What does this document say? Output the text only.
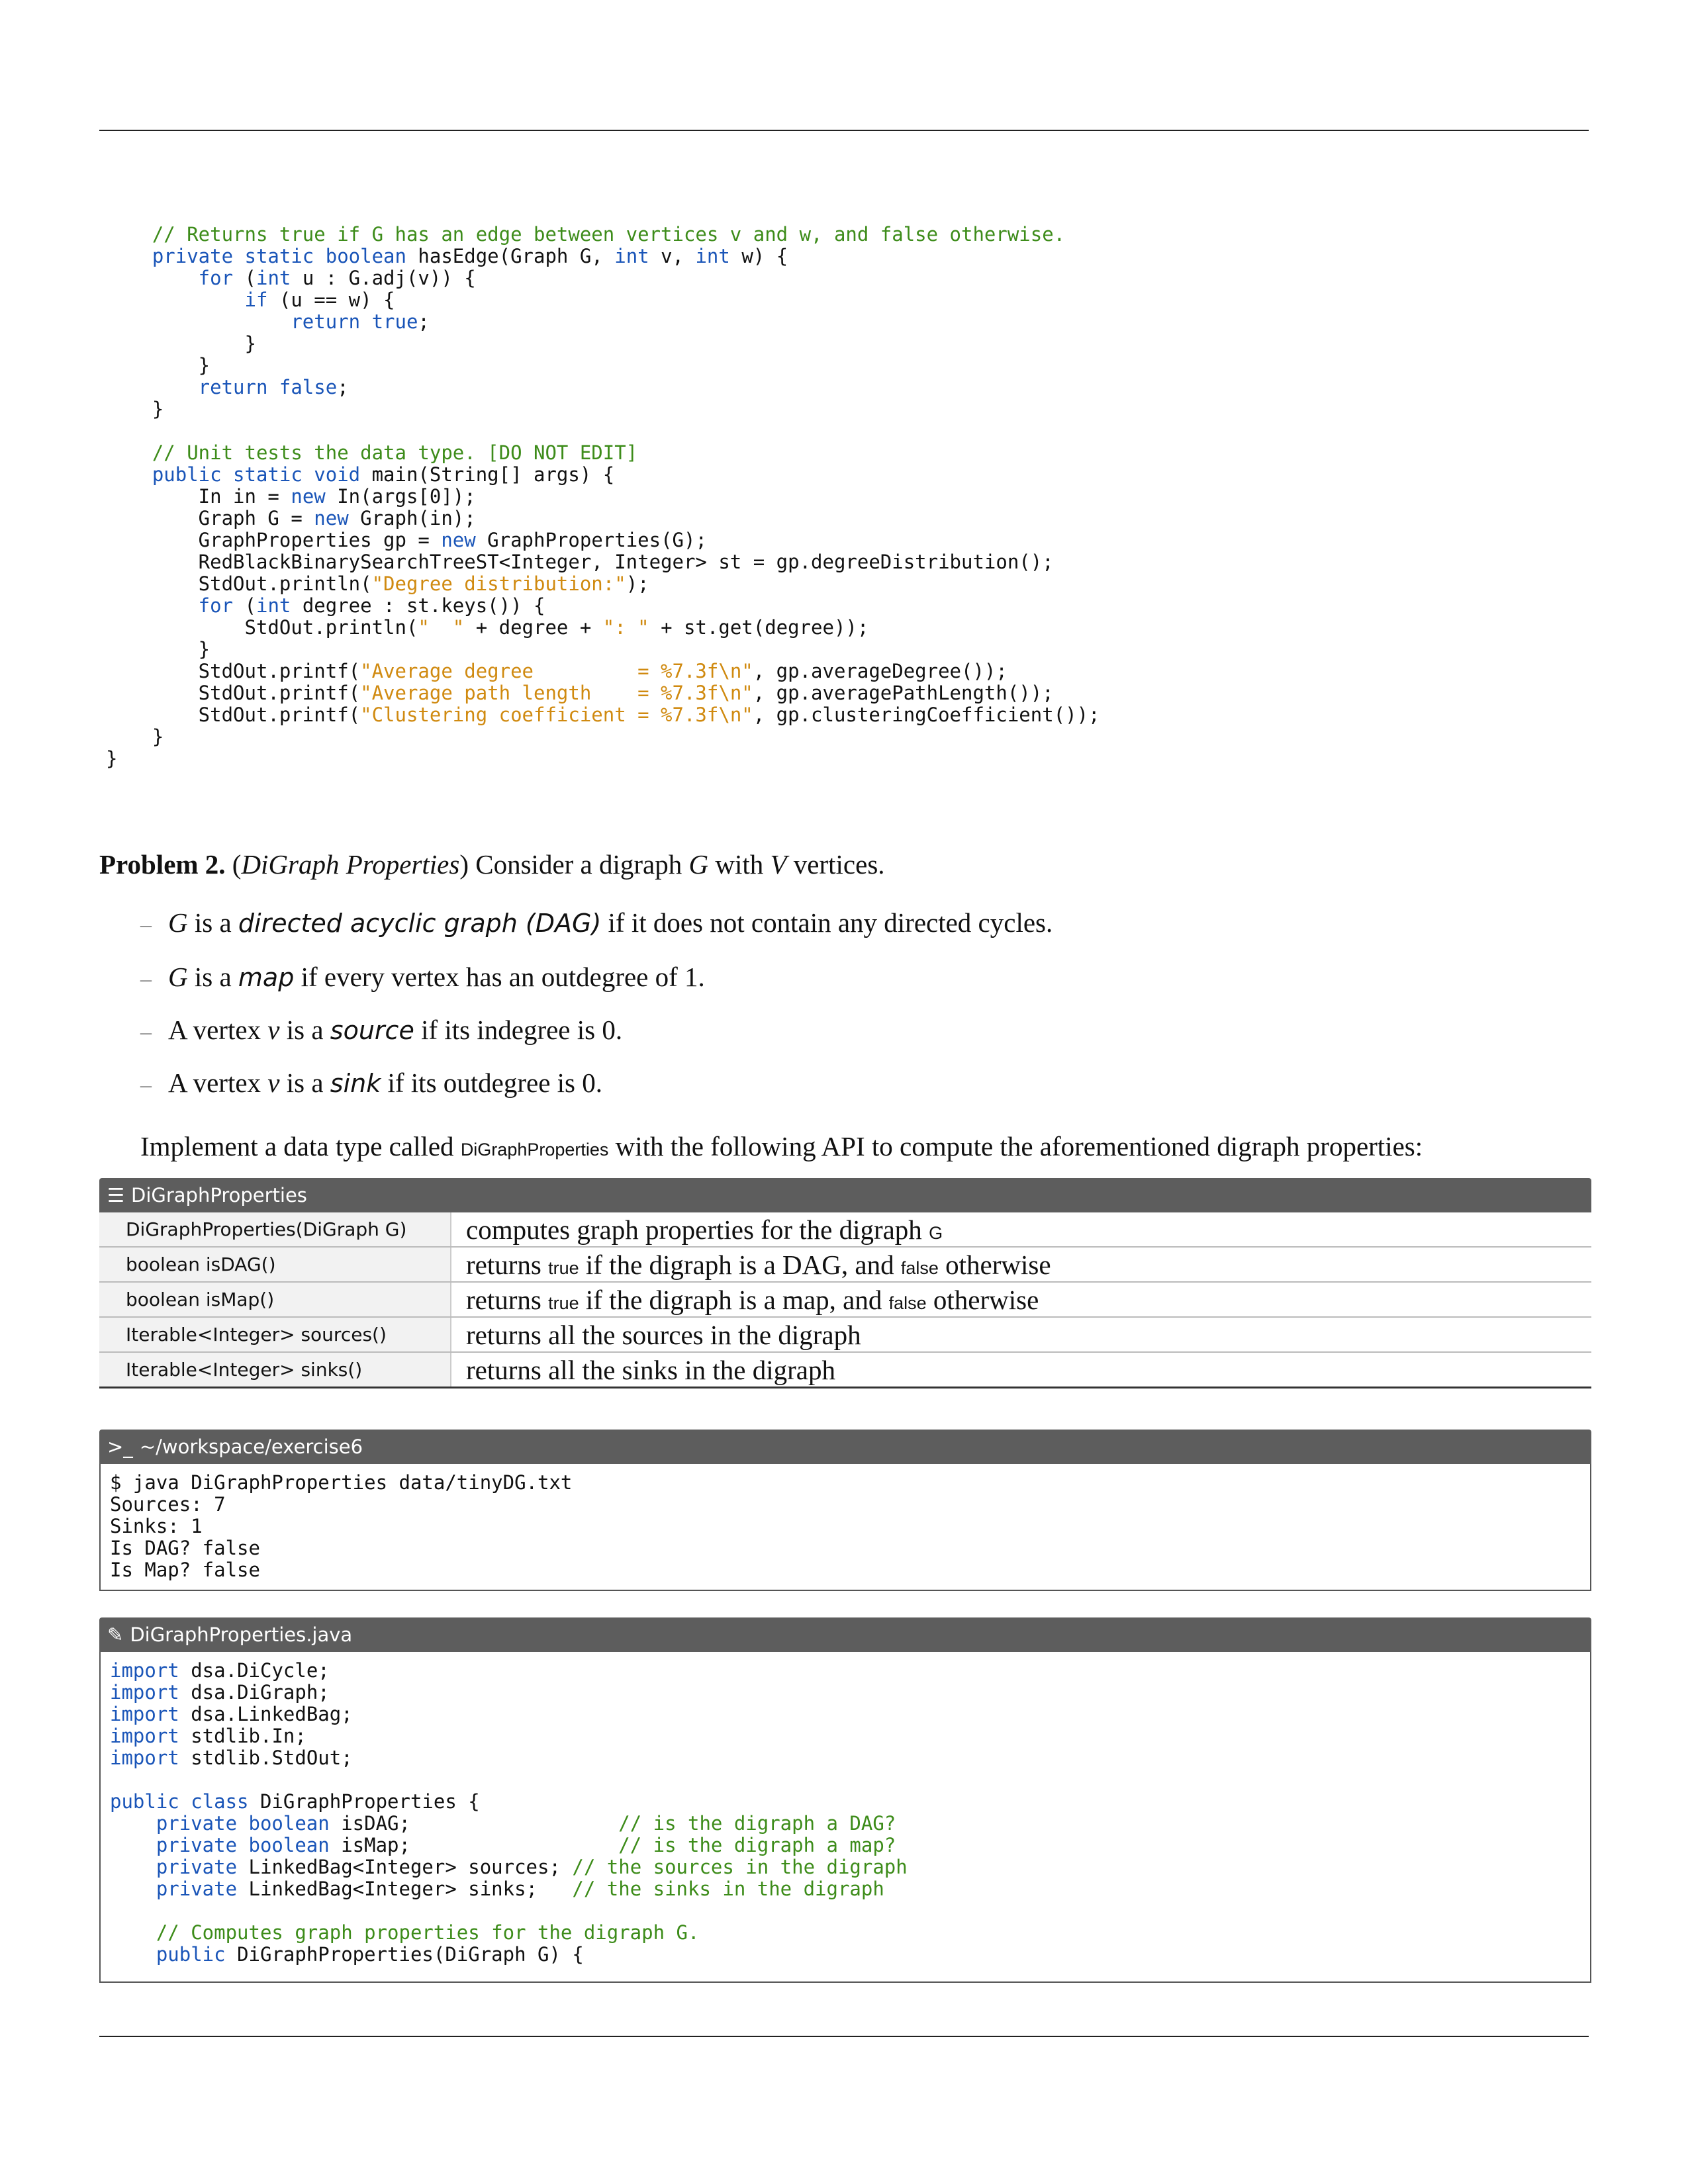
// Returns true if G has an edge between vertices v and w, and false otherwise.
private static boolean hasEdge(Graph G, int v, int w) {
for (int u : G.adj(v)) {
if (u == w) {
return true;
}
}
return false;
}

// Unit tests the data type. [DO NOT EDIT]
public static void main(String[] args) {
In in = new In(args[0]);
Graph G = new Graph(in);
GraphProperties gp = new GraphProperties(G);
RedBlackBinarySearchTreeST<Integer, Integer> st = gp.degreeDistribution();
StdOut.println("Degree distribution:");
for (int degree : st.keys()) {
StdOut.println("  " + degree + ": " + st.get(degree));
}
StdOut.printf("Average degree         = %7.3f\n", gp.averageDegree());
StdOut.printf("Average path length    = %7.3f\n", gp.averagePathLength());
StdOut.printf("Clustering coefficient = %7.3f\n", gp.clusteringCoefficient());
}
}

Problem 2. (DiGraph Properties) Consider a digraph G with V vertices.
– G is a directed acyclic graph (DAG) if it does not contain any directed cycles.
– G is a map if every vertex has an outdegree of 1.
– A vertex v is a source if its indegree is 0.
– A vertex v is a sink if its outdegree is 0.
Implement a data type called DiGraphProperties with the following API to compute the aforementioned digraph properties:
☰ DiGraphProperties
DiGraphProperties(DiGraph G)	computes graph properties for the digraph G
boolean isDAG()	returns true if the digraph is a DAG, and false otherwise
boolean isMap()	returns true if the digraph is a map, and false otherwise
Iterable<Integer> sources()	returns all the sources in the digraph
Iterable<Integer> sinks()	returns all the sinks in the digraph
>_ ~/workspace/exercise6
$ java DiGraphProperties data/tinyDG.txt
Sources: 7
Sinks: 1
Is DAG? false
Is Map? false

✎ DiGraphProperties.java
import dsa.DiCycle;
import dsa.DiGraph;
import dsa.LinkedBag;
import stdlib.In;
import stdlib.StdOut;

public class DiGraphProperties {
private boolean isDAG;                  // is the digraph a DAG?
private boolean isMap;                  // is the digraph a map?
private LinkedBag<Integer> sources; // the sources in the digraph
private LinkedBag<Integer> sinks;   // the sinks in the digraph

// Computes graph properties for the digraph G.
public DiGraphProperties(DiGraph G) {
